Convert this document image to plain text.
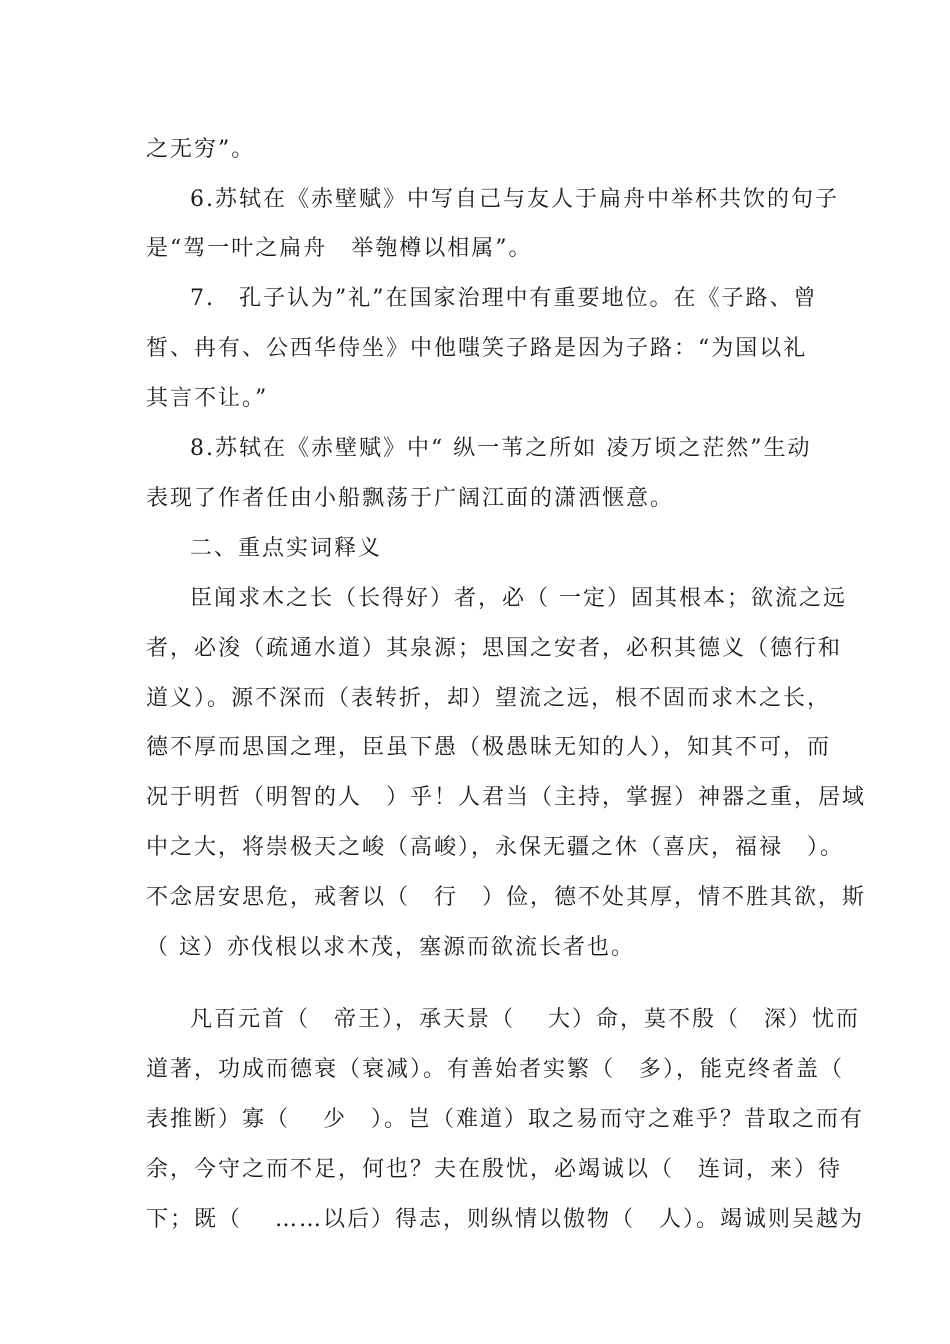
之无穷”。
6.苏轼在《赤壁赋》中写自己与友人于扁舟中举杯共饮的句子
是“驾一叶之扁舟　举匏樽以相属”。
7.　孔子认为”礼”在国家治理中有重要地位。在《子路、曾
皙、冉有、公西华侍坐》中他嗤笑子路是因为子路：“为国以礼
其言不让。”
8.苏轼在《赤壁赋》中“ 纵一苇之所如 凌万顷之茫然”生动
表现了作者任由小船飘荡于广阔江面的潇洒惬意。
二、重点实词释义
臣闻求木之长（长得好）者，必（ 一定）固其根本；欲流之远
者，必浚（疏通水道）其泉源；思国之安者，必积其德义（德行和
道义）。源不深而（表转折，却）望流之远，根不固而求木之长，
德不厚而思国之理，臣虽下愚（极愚昧无知的人），知其不可，而
况于明哲（明智的人　）乎！人君当（主持，掌握）神器之重，居域
中之大，将崇极天之峻（高峻），永保无疆之休（喜庆，福禄　）。
不念居安思危，戒奢以（　行　）俭，德不处其厚，情不胜其欲，斯
（ 这）亦伐根以求木茂，塞源而欲流长者也。
凡百元首（　帝王），承天景（　 大）命，莫不殷（　深）忧而
道著，功成而德衰（衰减）。有善始者实繁（　多），能克终者盖（
表推断）寡（　 少　）。岂（难道）取之易而守之难乎？昔取之而有
余，今守之而不足，何也？夫在殷忧，必竭诚以（　连词，来）待
下；既（　 ……以后）得志，则纵情以傲物（　人）。竭诚则吴越为
